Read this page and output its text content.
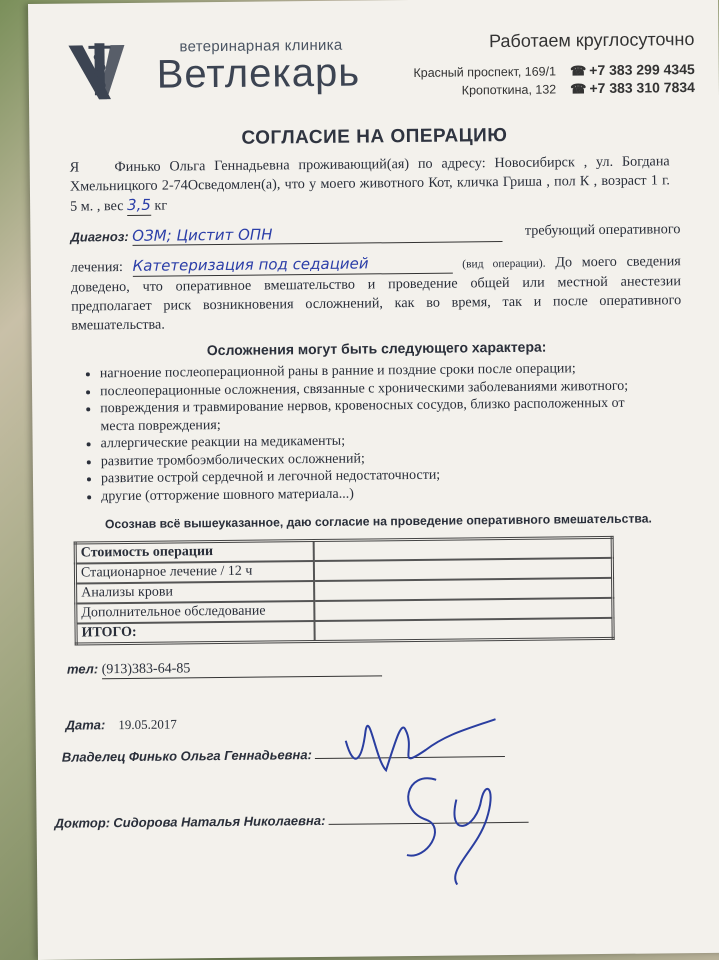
ветеринарная клиника
Ветлекарь
Работаем круглосуточно
Красный проспект, 169/1 ☎ +7 383 299 4345
Кропоткина, 132 ☎ +7 383 310 7834
СОГЛАСИЕ НА ОПЕРАЦИЮ
Я Финько Ольга Геннадьевна проживающий(ая) по адресу: Новосибирск , ул. Богдана Хмельницкого 2-74Осведомлен(а), что у моего животного Кот, кличка Гриша , пол К , возраст 1 г. 5 м. , вес 3,5 кг
Диагноз: ОЗМ; Цистит ОПН	требующий оперативного
лечения: Катетеризация под седацией	(вид операции). До моего сведения доведено, что оперативное вмешательство и проведение общей или местной анестезии предполагает риск возникновения осложнений, как во время, так и после оперативного вмешательства.
Осложнения могут быть следующего характера:
• нагноение послеоперационной раны в ранние и поздние сроки после операции;
• послеоперационные осложнения, связанные с хроническими заболеваниями животного;
• повреждения и травмирование нервов, кровеносных сосудов, близко расположенных от места повреждения;
• аллергические реакции на медикаменты;
• развитие тромбоэмболических осложнений;
• развитие острой сердечной и легочной недостаточности;
• другие (отторжение шовного материала...)
Осознав всё вышеуказанное, даю согласие на проведение оперативного вмешательства.
Стоимость операции	
Стационарное лечение / 12 ч	
Анализы крови	
Дополнительное обследование	
ИТОГО:	
тел: (913)383-64-85
Дата: 19.05.2017
Владелец Финько Ольга Геннадьевна:
Доктор: Сидорова Наталья Николаевна:
